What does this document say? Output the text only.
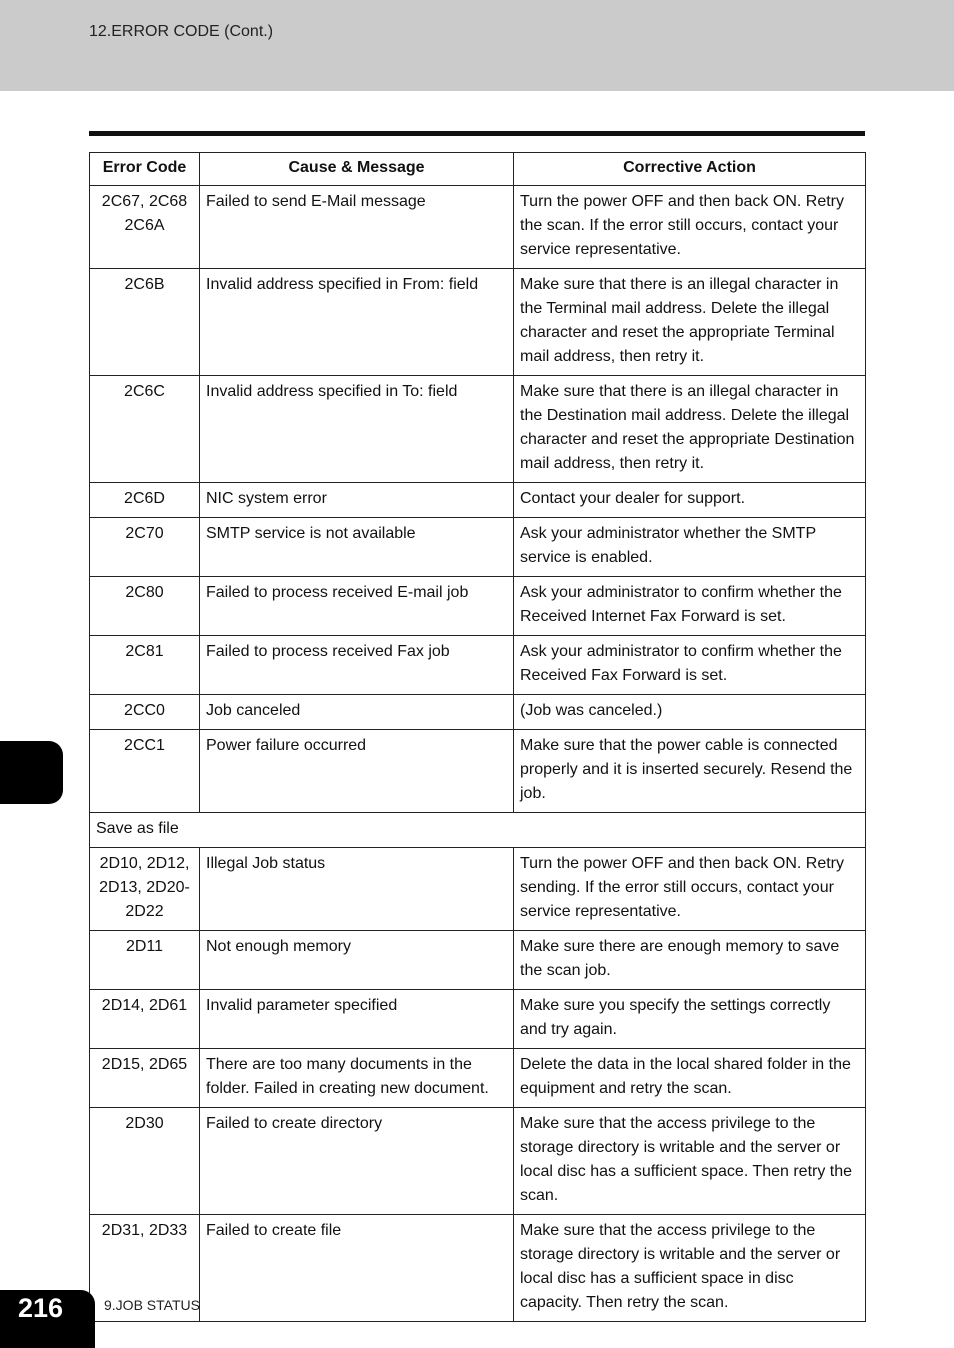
12.ERROR CODE (Cont.)
Error Code	Cause & Message	Corrective Action
2C67, 2C68 2C6A	Failed to send E-Mail message	Turn the power OFF and then back ON. Retry the scan. If the error still occurs, contact your service representative.
2C6B	Invalid address specified in From: field	Make sure that there is an illegal character in the Terminal mail address. Delete the illegal character and reset the appropriate Terminal mail address, then retry it.
2C6C	Invalid address specified in To: field	Make sure that there is an illegal character in the Destination mail address. Delete the illegal character and reset the appropriate Destination mail address, then retry it.
2C6D	NIC system error	Contact your dealer for support.
2C70	SMTP service is not available	Ask your administrator whether the SMTP service is enabled.
2C80	Failed to process received E-mail job	Ask your administrator to confirm whether the Received Internet Fax Forward is set.
2C81	Failed to process received Fax job	Ask your administrator to confirm whether the Received Fax Forward is set.
2CC0	Job canceled	(Job was canceled.)
2CC1	Power failure occurred	Make sure that the power cable is connected properly and it is inserted securely. Resend the job.
Save as file		
2D10, 2D12, 2D13, 2D20-2D22	Illegal Job status	Turn the power OFF and then back ON. Retry sending. If the error still occurs, contact your service representative.
2D11	Not enough memory	Make sure there are enough memory to save the scan job.
2D14, 2D61	Invalid parameter specified	Make sure you specify the settings correctly and try again.
2D15, 2D65	There are too many documents in the folder. Failed in creating new document.	Delete the data in the local shared folder in the equipment and retry the scan.
2D30	Failed to create directory	Make sure that the access privilege to the storage directory is writable and the server or local disc has a sufficient space. Then retry the scan.
2D31, 2D33	Failed to create file	Make sure that the access privilege to the storage directory is writable and the server or local disc has a sufficient space in disc capacity. Then retry the scan.
216	9.JOB STATUS
